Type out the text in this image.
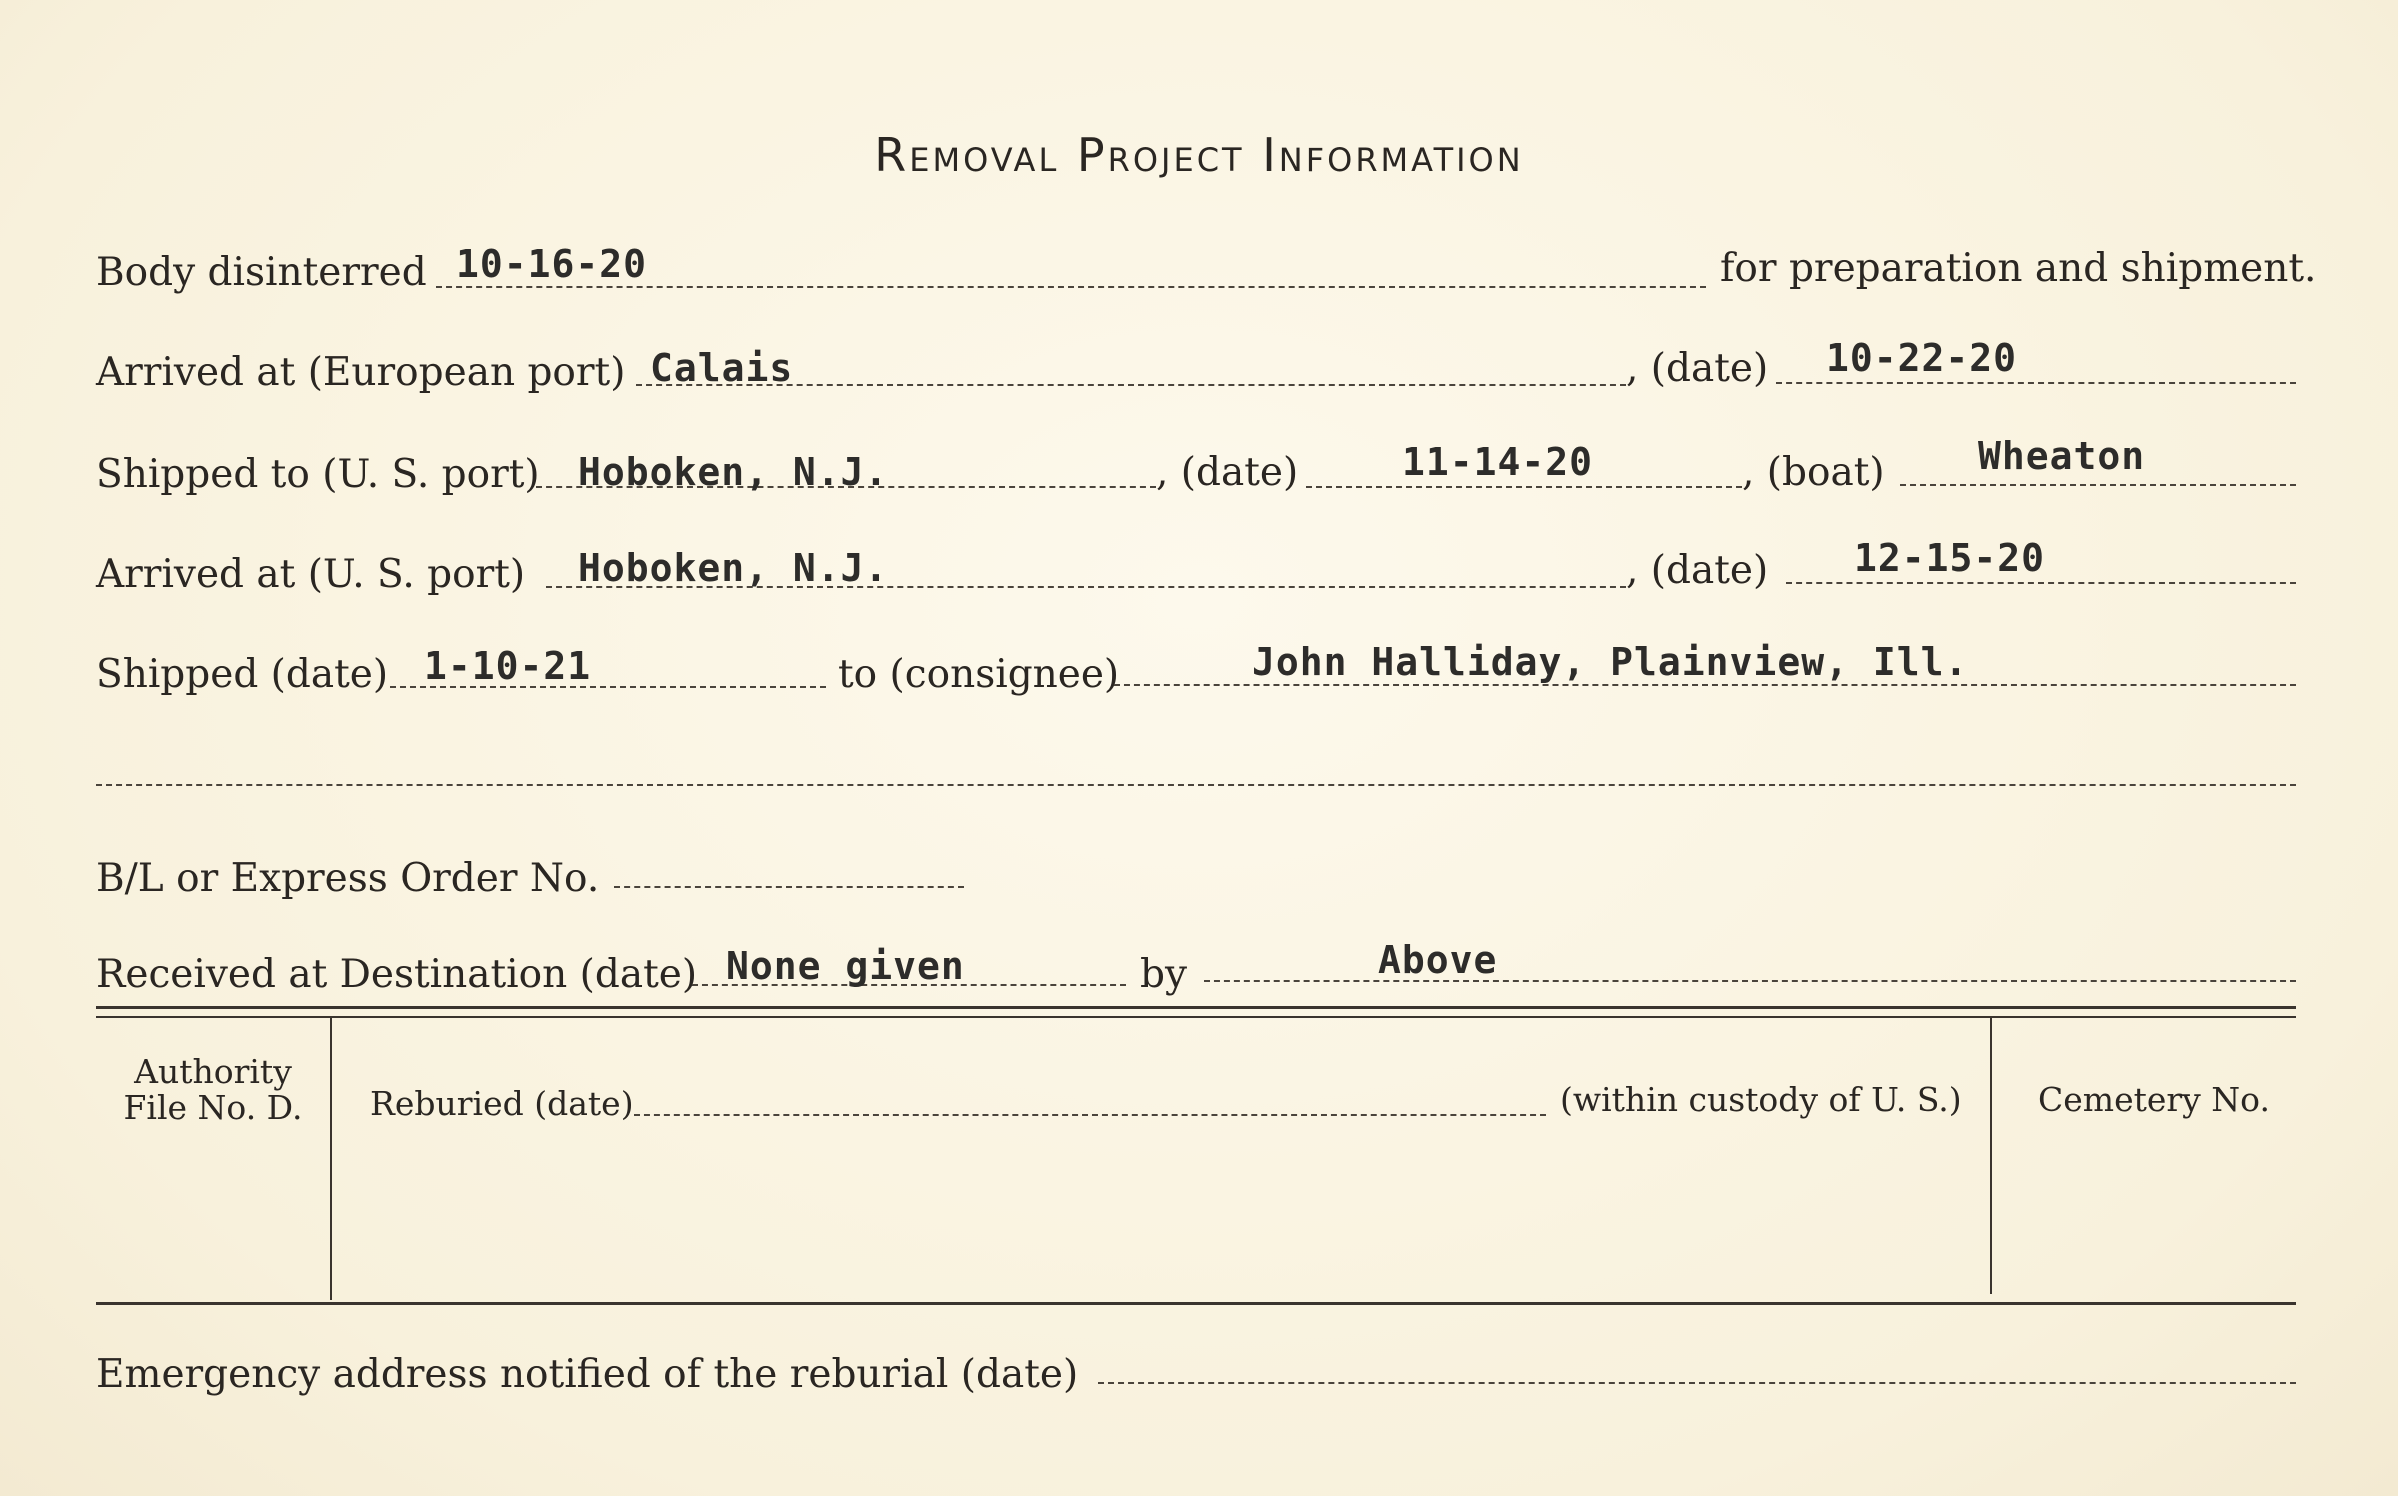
Removal Project Information
Body disinterred 10-16-20	for preparation and shipment.
Arrived at (European port) Calais	, (date) 10-22-20
Shipped to (U. S. port) Hoboken, N.J.	, (date)	11-14-20	, (boat) Wheaton
Arrived at (U. S. port) Hoboken, N.J.	, (date) 12-15-20
Shipped (date) 1-10-21	to (consignee)	John Halliday, Plainview, Ill.
B/L or Express Order No.
Received at Destination (date) None given	by	Above
Authority
File No. D.	Reburied (date)	(within custody of U. S.) Cemetery No.
Emergency address notified of the reburial (date)
